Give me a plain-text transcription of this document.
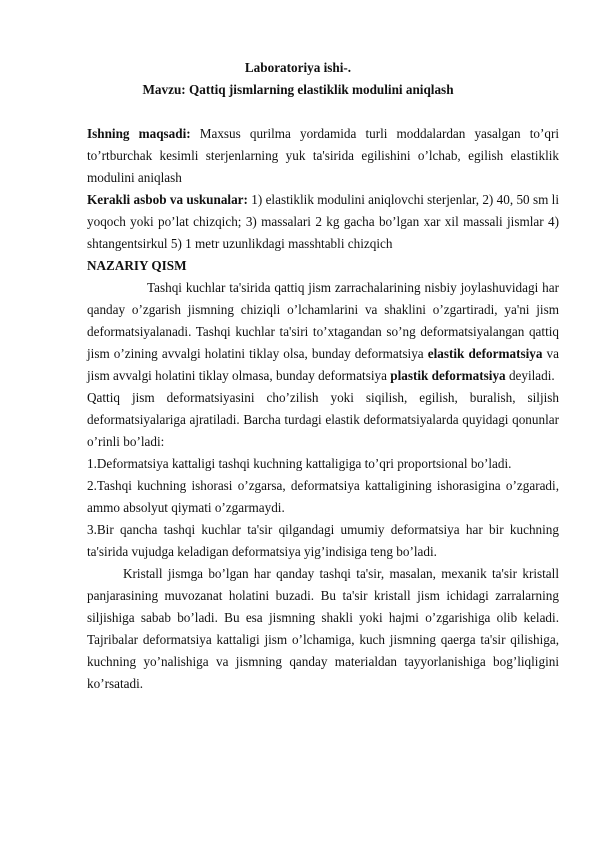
Laboratoriya ishi-.
Mavzu: Qattiq jismlarning elastiklik modulini aniqlash

Ishning maqsadi: Maxsus qurilma yordamida turli moddalardan yasalgan to’qri to’rtburchak kesimli sterjenlarning yuk ta'sirida egilishini o’lchab, egilish elastiklik modulini aniqlash

Kerakli asbob va uskunalar: 1) elastiklik modulini aniqlovchi sterjenlar, 2) 40, 50 sm li yoqoch yoki po’lat chizqich; 3) massalari 2 kg gacha bo’lgan xar xil massali jismlar 4) shtangentsirkul 5) 1 metr uzunlikdagi masshtabli chizqich

NAZARIY QISM

Tashqi kuchlar ta'sirida qattiq jism zarrachalarining nisbiy joylashuvidagi har qanday o’zgarish jismning chiziqli o’lchamlarini va shaklini o’zgartiradi, ya'ni jism deformatsiyalanadi. Tashqi kuchlar ta'siri to’xtagandan so’ng deformatsiyalangan qattiq jism o’zining avvalgi holatini tiklay olsa, bunday deformatsiya elastik deformatsiya va jism avvalgi holatini tiklay olmasa, bunday deformatsiya plastik deformatsiya deyiladi.

Qattiq jism deformatsiyasini cho’zilish yoki siqilish, egilish, buralish, siljish deformatsiyalariga ajratiladi. Barcha turdagi elastik deformatsiyalarda quyidagi qonunlar o’rinli bo’ladi:

1.Deformatsiya kattaligi tashqi kuchning kattaligiga to’qri proportsional bo’ladi.

2.Tashqi kuchning ishorasi o’zgarsa, deformatsiya kattaligining ishorasigina o’zgaradi, ammo absolyut qiymati o’zgarmaydi.

3.Bir qancha tashqi kuchlar ta'sir qilgandagi umumiy deformatsiya har bir kuchning ta'sirida vujudga keladigan deformatsiya yig’indisiga teng bo’ladi.

Kristall jismga bo’lgan har qanday tashqi ta'sir, masalan, mexanik ta'sir kristall panjarasining muvozanat holatini buzadi. Bu ta'sir kristall jism ichidagi zarralarning siljishiga sabab bo’ladi. Bu esa jismning shakli yoki hajmi o’zgarishiga olib keladi. Tajribalar deformatsiya kattaligi jism o’lchamiga, kuch jismning qaerga ta'sir qilishiga, kuchning yo’nalishiga va jismning qanday materialdan tayyorlanishiga bog’liqligini ko’rsatadi.
